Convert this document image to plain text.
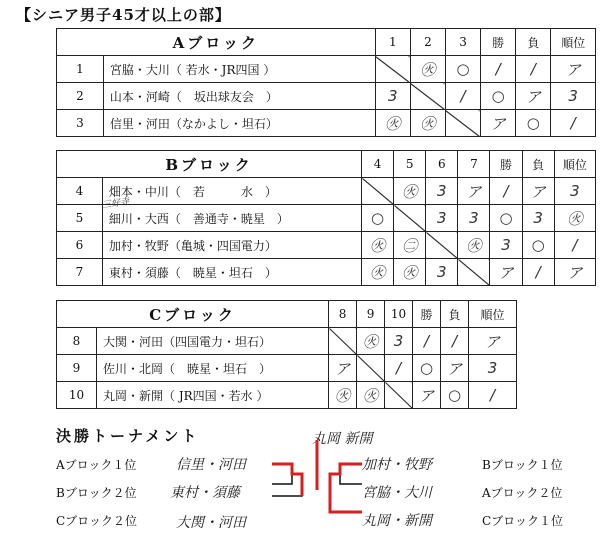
【シニア男子45才以上の部】
Aブロック		1	2	3	勝	負	順位
1	宮脇・大川（ 若水・JR四国 ）		㊋	○	/	/	ア
2	山本・河崎（　坂出球友会　）	3		/	○	ア	3
3	信里・河田（なかよし・坦石）	㊋	㊋		ア	○	/
Bブロック		4	5	6	7	勝	負	順位
4	畑本・中川（　若　　　水　）		㊋	3	ア	/	ア	3
5	細川・大西（　善通寺・暁星　）	○		3	3	○	3	㊋
6	加村・牧野（亀城・四国電力）	㊋	㊁		㊋	3	○	/
7	東村・須藤（　暁星・坦石　）	㊋	㊋	3		ア	/	ア
三好寺
Cブロック		8	9	10	勝	負	順位
8	大関・河田（四国電力・坦石）		㊋	3	/	/	ア
9	佐川・北岡（　暁星・坦石　）	ア		/	○	ア	3
10	丸岡・新開（ JR四国・若水 ）	㊋	㊋		ア	○	/
決勝トーナメント	丸岡 新開
Aブロック１位
Bブロック２位
Cブロック２位
信里・河田
東村・須藤
大関・河田
加村・牧野
宮脇・大川
丸岡・新開
Bブロック１位
Aブロック２位
Cブロック１位
